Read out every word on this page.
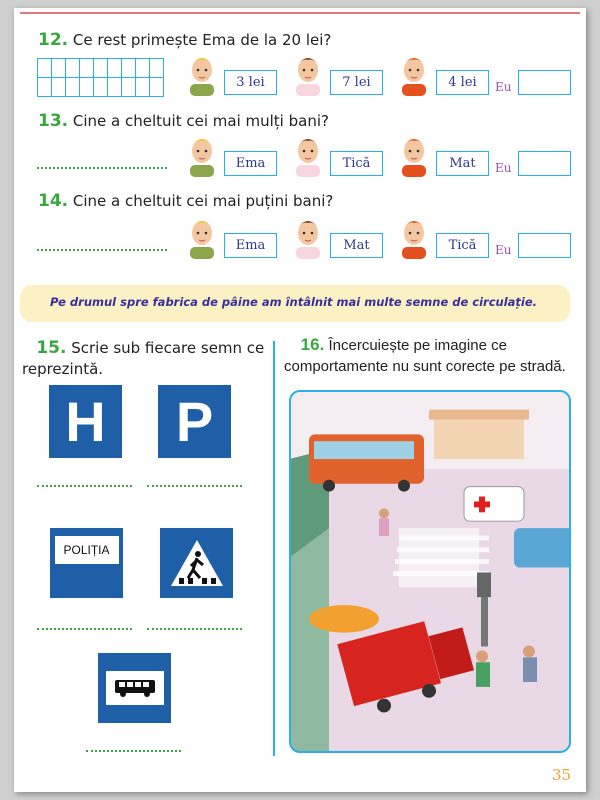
12. Ce rest primește Ema de la 20 lei?
Pe drumul spre fabrica de pâine am întâlnit mai multe semne de circulație.
15. Scrie sub fiecare semn ce reprezintă.
H P
POLIȚIA
16. Încercuiește pe imagine ce comportamente nu sunt corecte pe stradă.
35
3 lei	7 lei	4 lei	Eu
13. Cine a cheltuit cei mai mulți bani?
Ema	Tică	Mat	Eu
14. Cine a cheltuit cei mai puțini bani?
Ema	Mat	Tică	Eu
